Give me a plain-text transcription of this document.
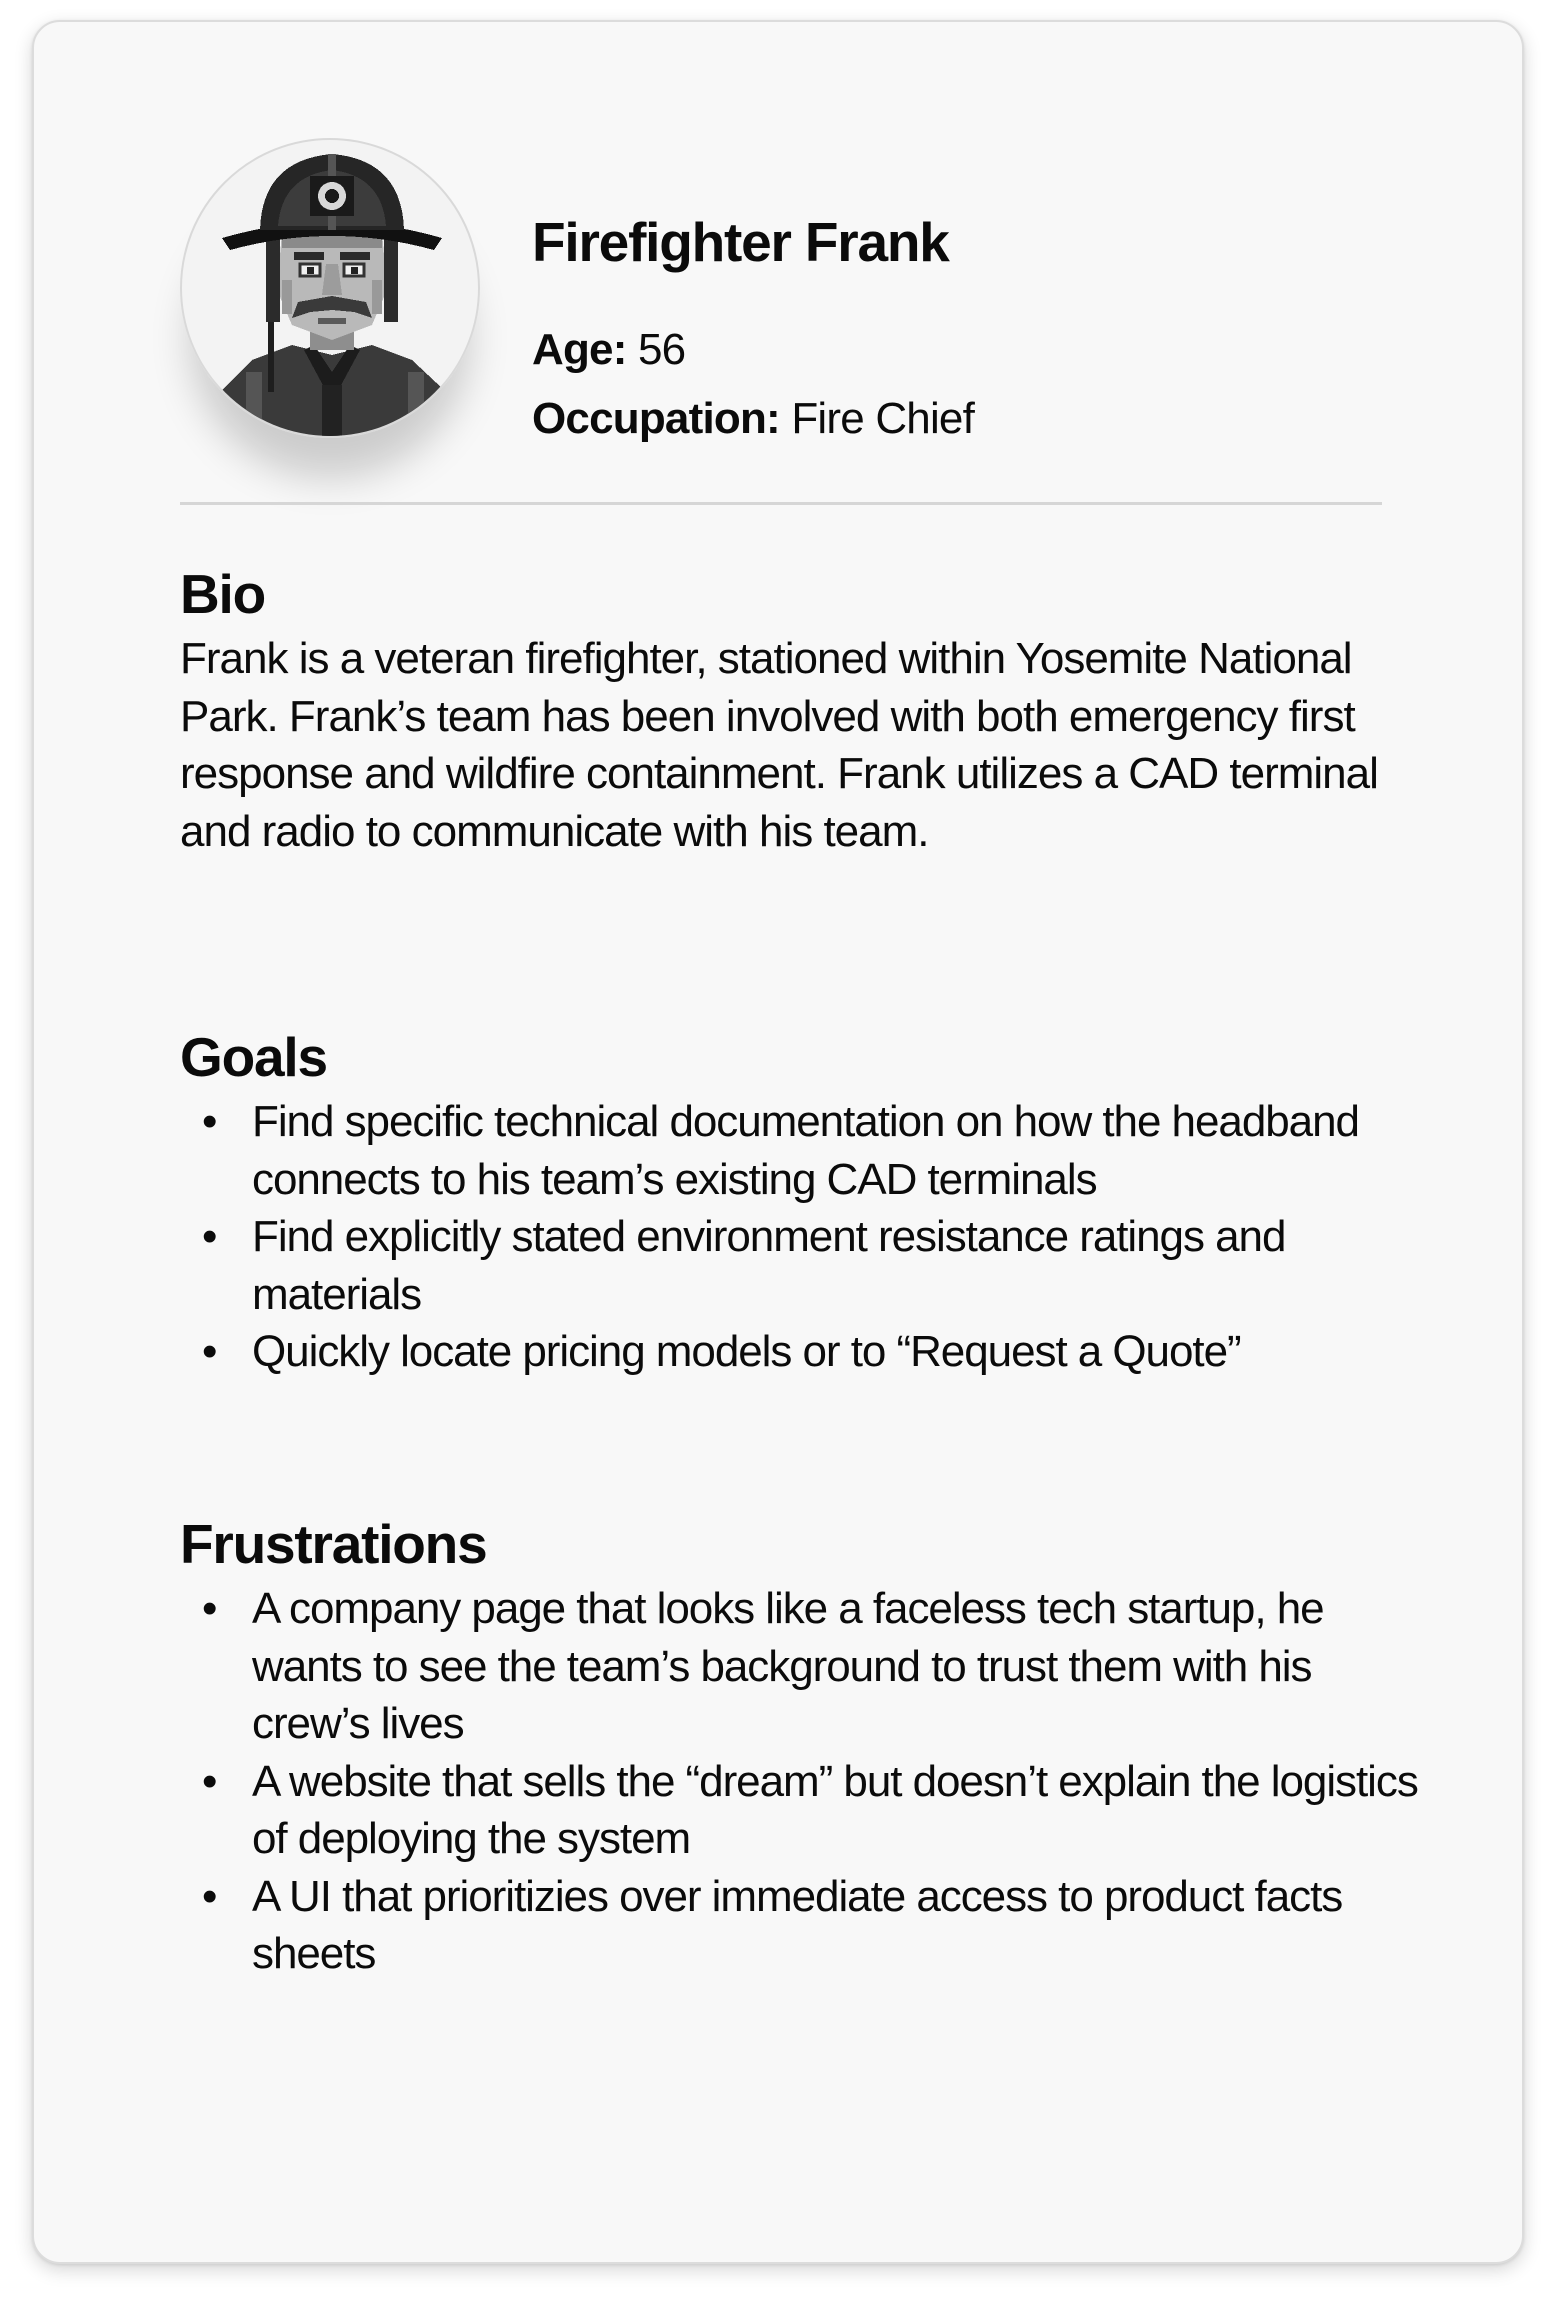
Firefighter Frank
Age: 56
Occupation: Fire Chief
Bio

Frank is a veteran firefighter, stationed within Yosemite National Park. Frank’s team has been involved with both emergency first response and wildfire containment. Frank utilizes a CAD terminal and radio to communicate with his team.

Goals
• Find specific technical documentation on how the headband connects to his team’s existing CAD terminals
• Find explicitly stated environment resistance ratings and materials
• Quickly locate pricing models or to “Request a Quote”
Frustrations
• A company page that looks like a faceless tech startup, he wants to see the team’s background to trust them with his crew’s lives
• A website that sells the “dream” but doesn’t explain the logistics of deploying the system
• A UI that prioritizies over immediate access to product facts sheets
